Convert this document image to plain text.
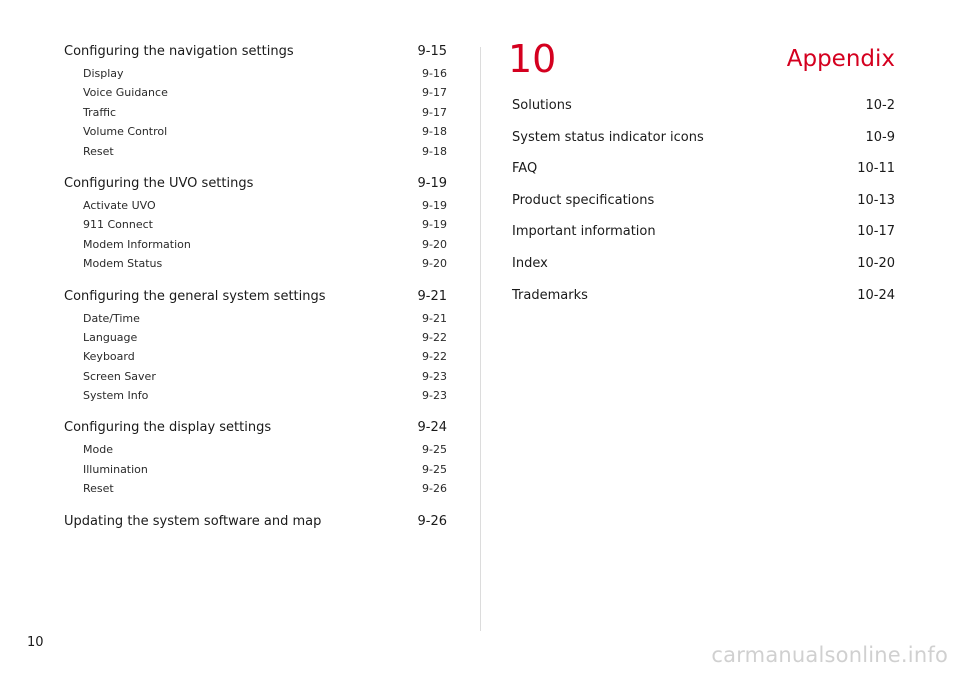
Configuring the navigation settings	9-15
Display	9-16
Voice Guidance	9-17
Traffic	9-17
Volume Control	9-18
Reset	9-18
Configuring the UVO settings	9-19
Activate UVO	9-19
911 Connect	9-19
Modem Information	9-20
Modem Status	9-20
Configuring the general system settings	9-21
Date/Time	9-21
Language	9-22
Keyboard	9-22
Screen Saver	9-23
System Info	9-23
Configuring the display settings	9-24
Mode	9-25
Illumination	9-25
Reset	9-26
Updating the system software and map	9-26
10	Appendix
Solutions	10-2
System status indicator icons	10-9
FAQ	10-11
Product specifications	10-13
Important information	10-17
Index	10-20
Trademarks	10-24
10
carmanualsonline.info
